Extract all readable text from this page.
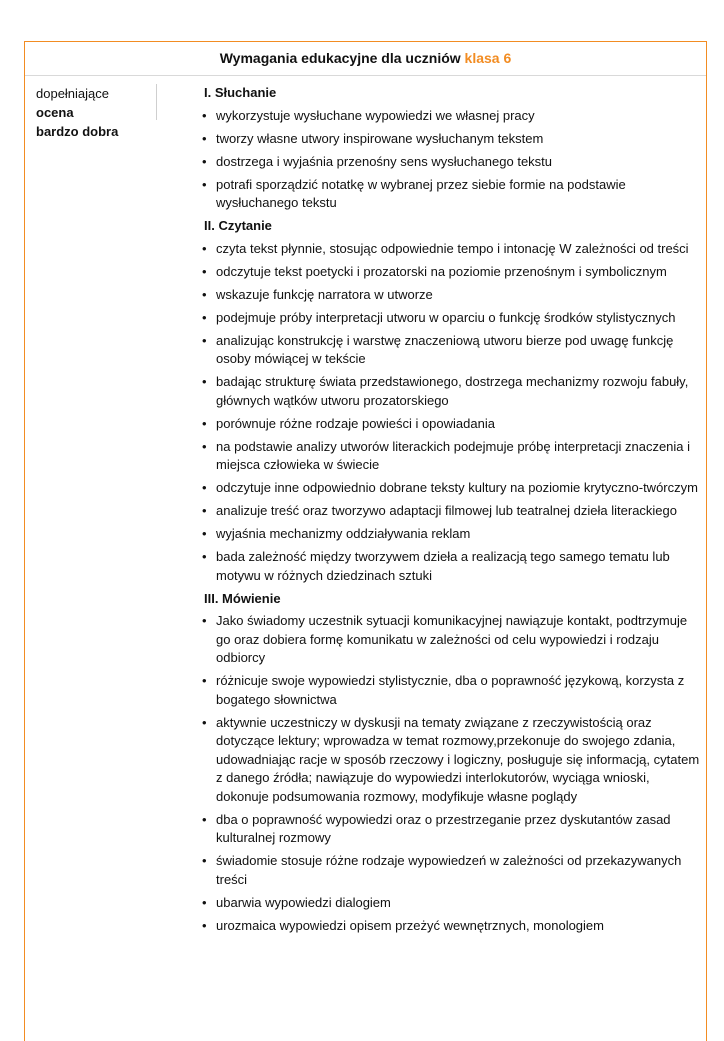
Wymagania edukacyjne dla uczniów klasa 6
dopełniające ocena
bardzo dobra
I. Słuchanie
• wykorzystuje wysłuchane wypowiedzi we własnej pracy
• tworzy własne utwory inspirowane wysłuchanym tekstem
• dostrzega i wyjaśnia przenośny sens wysłuchanego tekstu
• potrafi sporządzić notatkę w wybranej przez siebie formie na podstawie wysłuchanego tekstu
II. Czytanie
• czyta tekst płynnie, stosując odpowiednie tempo i intonację W zależności od treści
• odczytuje tekst poetycki i prozatorski na poziomie przenośnym i symbolicznym
• wskazuje funkcję narratora w utworze
• podejmuje próby interpretacji utworu w oparciu o funkcję środków stylistycznych
• analizując konstrukcję i warstwę znaczeniową utworu bierze pod uwagę funkcję osoby mówiącej w tekście
• badając strukturę świata przedstawionego, dostrzega mechanizmy rozwoju fabuły, głównych wątków utworu prozatorskiego
• porównuje różne rodzaje powieści i opowiadania
• na podstawie analizy utworów literackich podejmuje próbę interpretacji znaczenia i miejsca człowieka w świecie
• odczytuje inne odpowiednio dobrane teksty kultury na poziomie krytyczno-twórczym
• analizuje treść oraz tworzywo adaptacji filmowej lub teatralnej dzieła literackiego
• wyjaśnia mechanizmy oddziaływania reklam
• bada zależność między tworzywem dzieła a realizacją tego samego tematu lub motywu w różnych dziedzinach sztuki
III. Mówienie
• Jako świadomy uczestnik sytuacji komunikacyjnej nawiązuje kontakt, podtrzymuje go oraz dobiera formę komunikatu w zależności od celu wypowiedzi i rodzaju odbiorcy
• różnicuje swoje wypowiedzi stylistycznie, dba o poprawność językową, korzysta z bogatego słownictwa
• aktywnie uczestniczy w dyskusji na tematy związane z rzeczywistością oraz dotyczące lektury; wprowadza w temat rozmowy,przekonuje do swojego zdania, udowadniając racje w sposób rzeczowy i logiczny, posługuje się informacją, cytatem z danego źródła; nawiązuje do wypowiedzi interlokutorów, wyciąga wnioski, dokonuje podsumowania rozmowy, modyfikuje własne poglądy
• dba o poprawność wypowiedzi oraz o przestrzeganie przez dyskutantów zasad kulturalnej rozmowy
• świadomie stosuje różne rodzaje wypowiedzeń w zależności od przekazywanych treści
• ubarwia wypowiedzi dialogiem
• urozmaica wypowiedzi opisem przeżyć wewnętrznych, monologiem
